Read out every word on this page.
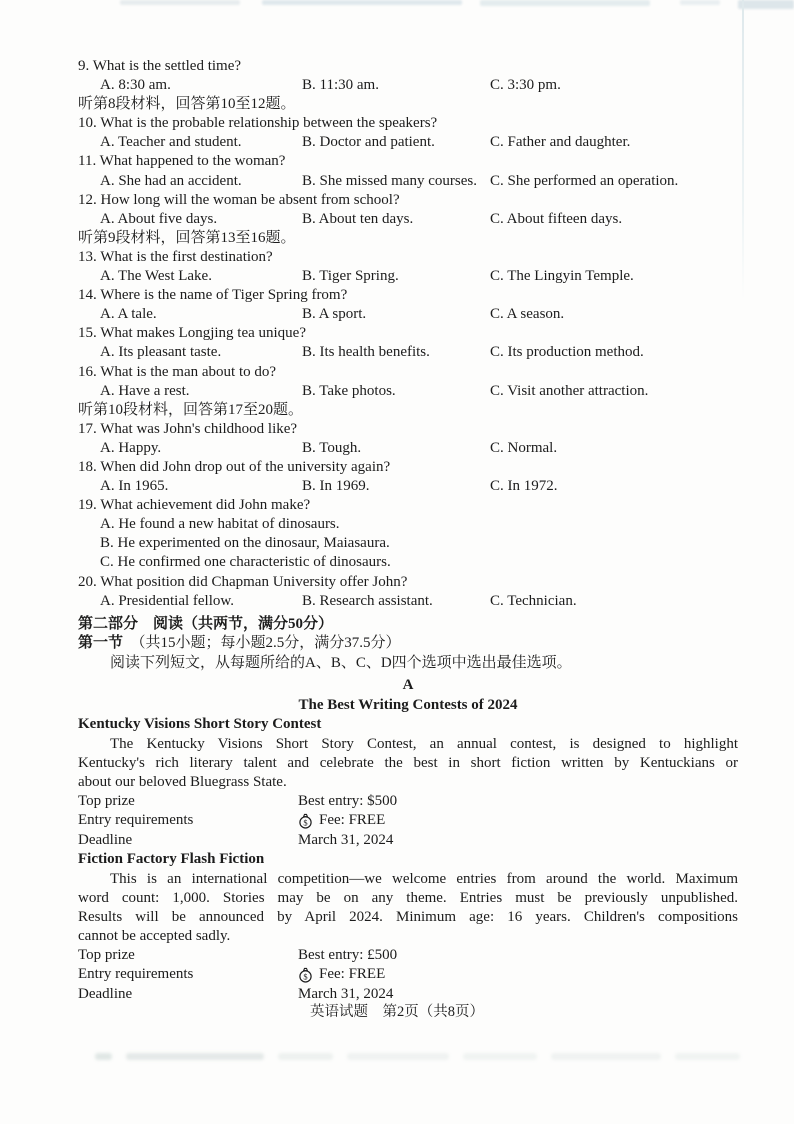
9. What is the settled time?
A. 8:30 am.	B. 11:30 am.	C. 3:30 pm.
听第8段材料，回答第10至12题。
10. What is the probable relationship between the speakers?
A. Teacher and student.	B. Doctor and patient.	C. Father and daughter.
11. What happened to the woman?
A. She had an accident.	B. She missed many courses. C. She performed an operation.
12. How long will the woman be absent from school?
A. About five days.	B. About ten days.	C. About fifteen days.
听第9段材料，回答第13至16题。
13. What is the first destination?
A. The West Lake.	B. Tiger Spring.	C. The Lingyin Temple.
14. Where is the name of Tiger Spring from?
A. A tale.	B. A sport.	C. A season.
15. What makes Longjing tea unique?
A. Its pleasant taste.	B. Its health benefits.	C. Its production method.
16. What is the man about to do?
A. Have a rest.	B. Take photos.	C. Visit another attraction.
听第10段材料，回答第17至20题。
17. What was John's childhood like?
A. Happy.	B. Tough.	C. Normal.
18. When did John drop out of the university again?
A. In 1965.	B. In 1969.	C. In 1972.
19. What achievement did John make?
A. He found a new habitat of dinosaurs.
B. He experimented on the dinosaur, Maiasaura.
C. He confirmed one characteristic of dinosaurs.
20. What position did Chapman University offer John?
A. Presidential fellow.	B. Research assistant.	C. Technician.
第二部分　阅读（共两节，满分50分）
第一节　（共15小题；每小题2.5分，满分37.5分）
阅读下列短文，从每题所给的A、B、C、D四个选项中选出最佳选项。
A
The Best Writing Contests of 2024
Kentucky Visions Short Story Contest
The Kentucky Visions Short Story Contest, an annual contest, is designed to highlight
Kentucky's rich literary talent and celebrate the best in short fiction written by Kentuckians or
about our beloved Bluegrass State.
Top prize	Best entry: $500
Entry requirements	$ Fee: FREE
Deadline	March 31, 2024
Fiction Factory Flash Fiction
This is an international competition—we welcome entries from around the world. Maximum
word count: 1,000. Stories may be on any theme. Entries must be previously unpublished.
Results will be announced by April 2024. Minimum age: 16 years. Children's compositions
cannot be accepted sadly.
Top prize	Best entry: £500
Entry requirements	$ Fee: FREE
Deadline	March 31, 2024
英语试题　第2页（共8页）
